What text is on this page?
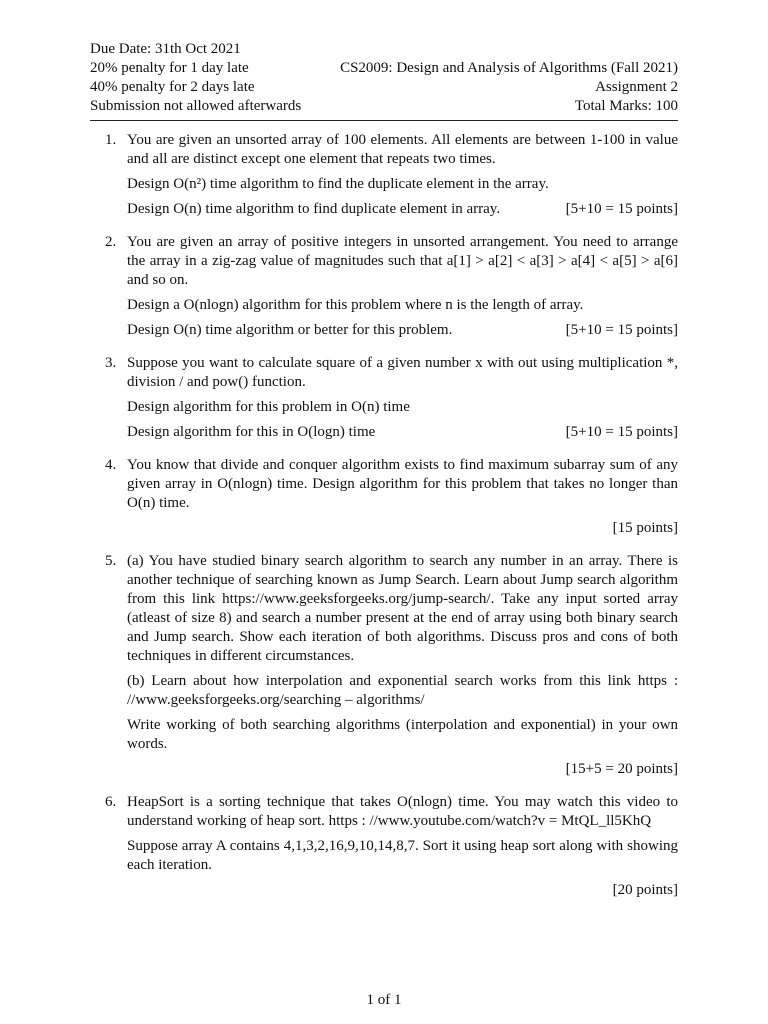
Due Date: 31th Oct 2021
20% penalty for 1 day late	CS2009: Design and Analysis of Algorithms (Fall 2021)
40% penalty for 2 days late	Assignment 2
Submission not allowed afterwards	Total Marks: 100
1. You are given an unsorted array of 100 elements. All elements are between 1-100 in value and all are distinct except one element that repeats two times.

Design O(n²) time algorithm to find the duplicate element in the array.

Design O(n) time algorithm to find duplicate element in array.	[5+10 = 15 points]
2. You are given an array of positive integers in unsorted arrangement. You need to arrange the array in a zig-zag value of magnitudes such that a[1] > a[2] < a[3] > a[4] < a[5] > a[6] and so on.

Design a O(nlogn) algorithm for this problem where n is the length of array.

Design O(n) time algorithm or better for this problem.	[5+10 = 15 points]
3. Suppose you want to calculate square of a given number x with out using multiplication *, division / and pow() function.

Design algorithm for this problem in O(n) time

Design algorithm for this in O(logn) time	[5+10 = 15 points]
4. You know that divide and conquer algorithm exists to find maximum subarray sum of any given array in O(nlogn) time. Design algorithm for this problem that takes no longer than O(n) time.

[15 points]
5. (a) You have studied binary search algorithm to search any number in an array. There is another technique of searching known as Jump Search. Learn about Jump search algorithm from this link https://www.geeksforgeeks.org/jump-search/. Take any input sorted array (atleast of size 8) and search a number present at the end of array using both binary search and Jump search. Show each iteration of both algorithms. Discuss pros and cons of both techniques in different circumstances.

(b) Learn about how interpolation and exponential search works from this link https : //www.geeksforgeeks.org/searching – algorithms/

Write working of both searching algorithms (interpolation and exponential) in your own words.

[15+5 = 20 points]
6. HeapSort is a sorting technique that takes O(nlogn) time. You may watch this video to understand working of heap sort. https : //www.youtube.com/watch?v = MtQL_ll5KhQ

Suppose array A contains 4,1,3,2,16,9,10,14,8,7. Sort it using heap sort along with showing each iteration.

[20 points]
1 of 1
